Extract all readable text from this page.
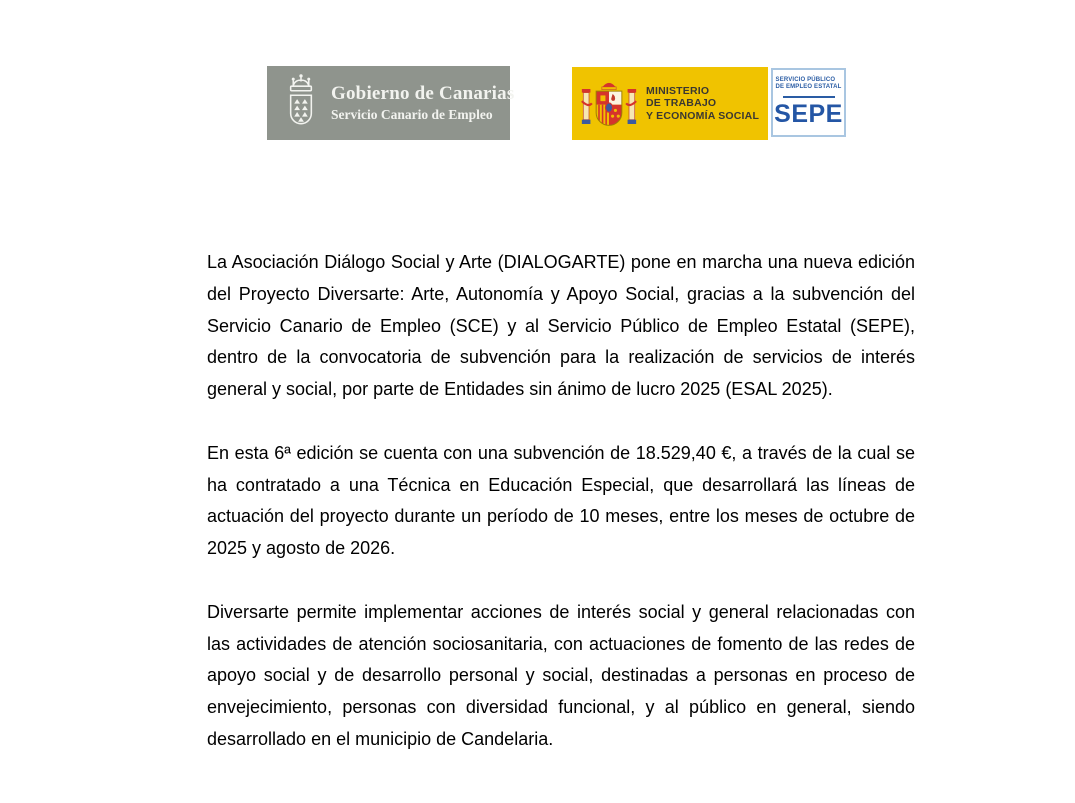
Gobierno de Canarias
Servicio Canario de Empleo
MINISTERIO
DE TRABAJO
Y ECONOMÍA SOCIAL
SERVICIO PÚBLICO
DE EMPLEO ESTATAL
SEPE

La Asociación Diálogo Social y Arte (DIALOGARTE) pone en marcha una nueva edición del Proyecto Diversarte: Arte, Autonomía y Apoyo Social, gracias a la subvención del Servicio Canario de Empleo (SCE) y al Servicio Público de Empleo Estatal (SEPE), dentro de la convocatoria de subvención para la realización de servicios de interés general y social, por parte de Entidades sin ánimo de lucro 2025 (ESAL 2025).

En esta 6ª edición se cuenta con una subvención de 18.529,40 €, a través de la cual se ha contratado a una Técnica en Educación Especial, que desarrollará las líneas de actuación del proyecto durante un período de 10 meses, entre los meses de octubre de 2025 y agosto de 2026.

Diversarte permite implementar acciones de interés social y general relacionadas con las actividades de atención sociosanitaria, con actuaciones de fomento de las redes de apoyo social y de desarrollo personal y social, destinadas a personas en proceso de envejecimiento, personas con diversidad funcional, y al público en general, siendo desarrollado en el municipio de Candelaria.
